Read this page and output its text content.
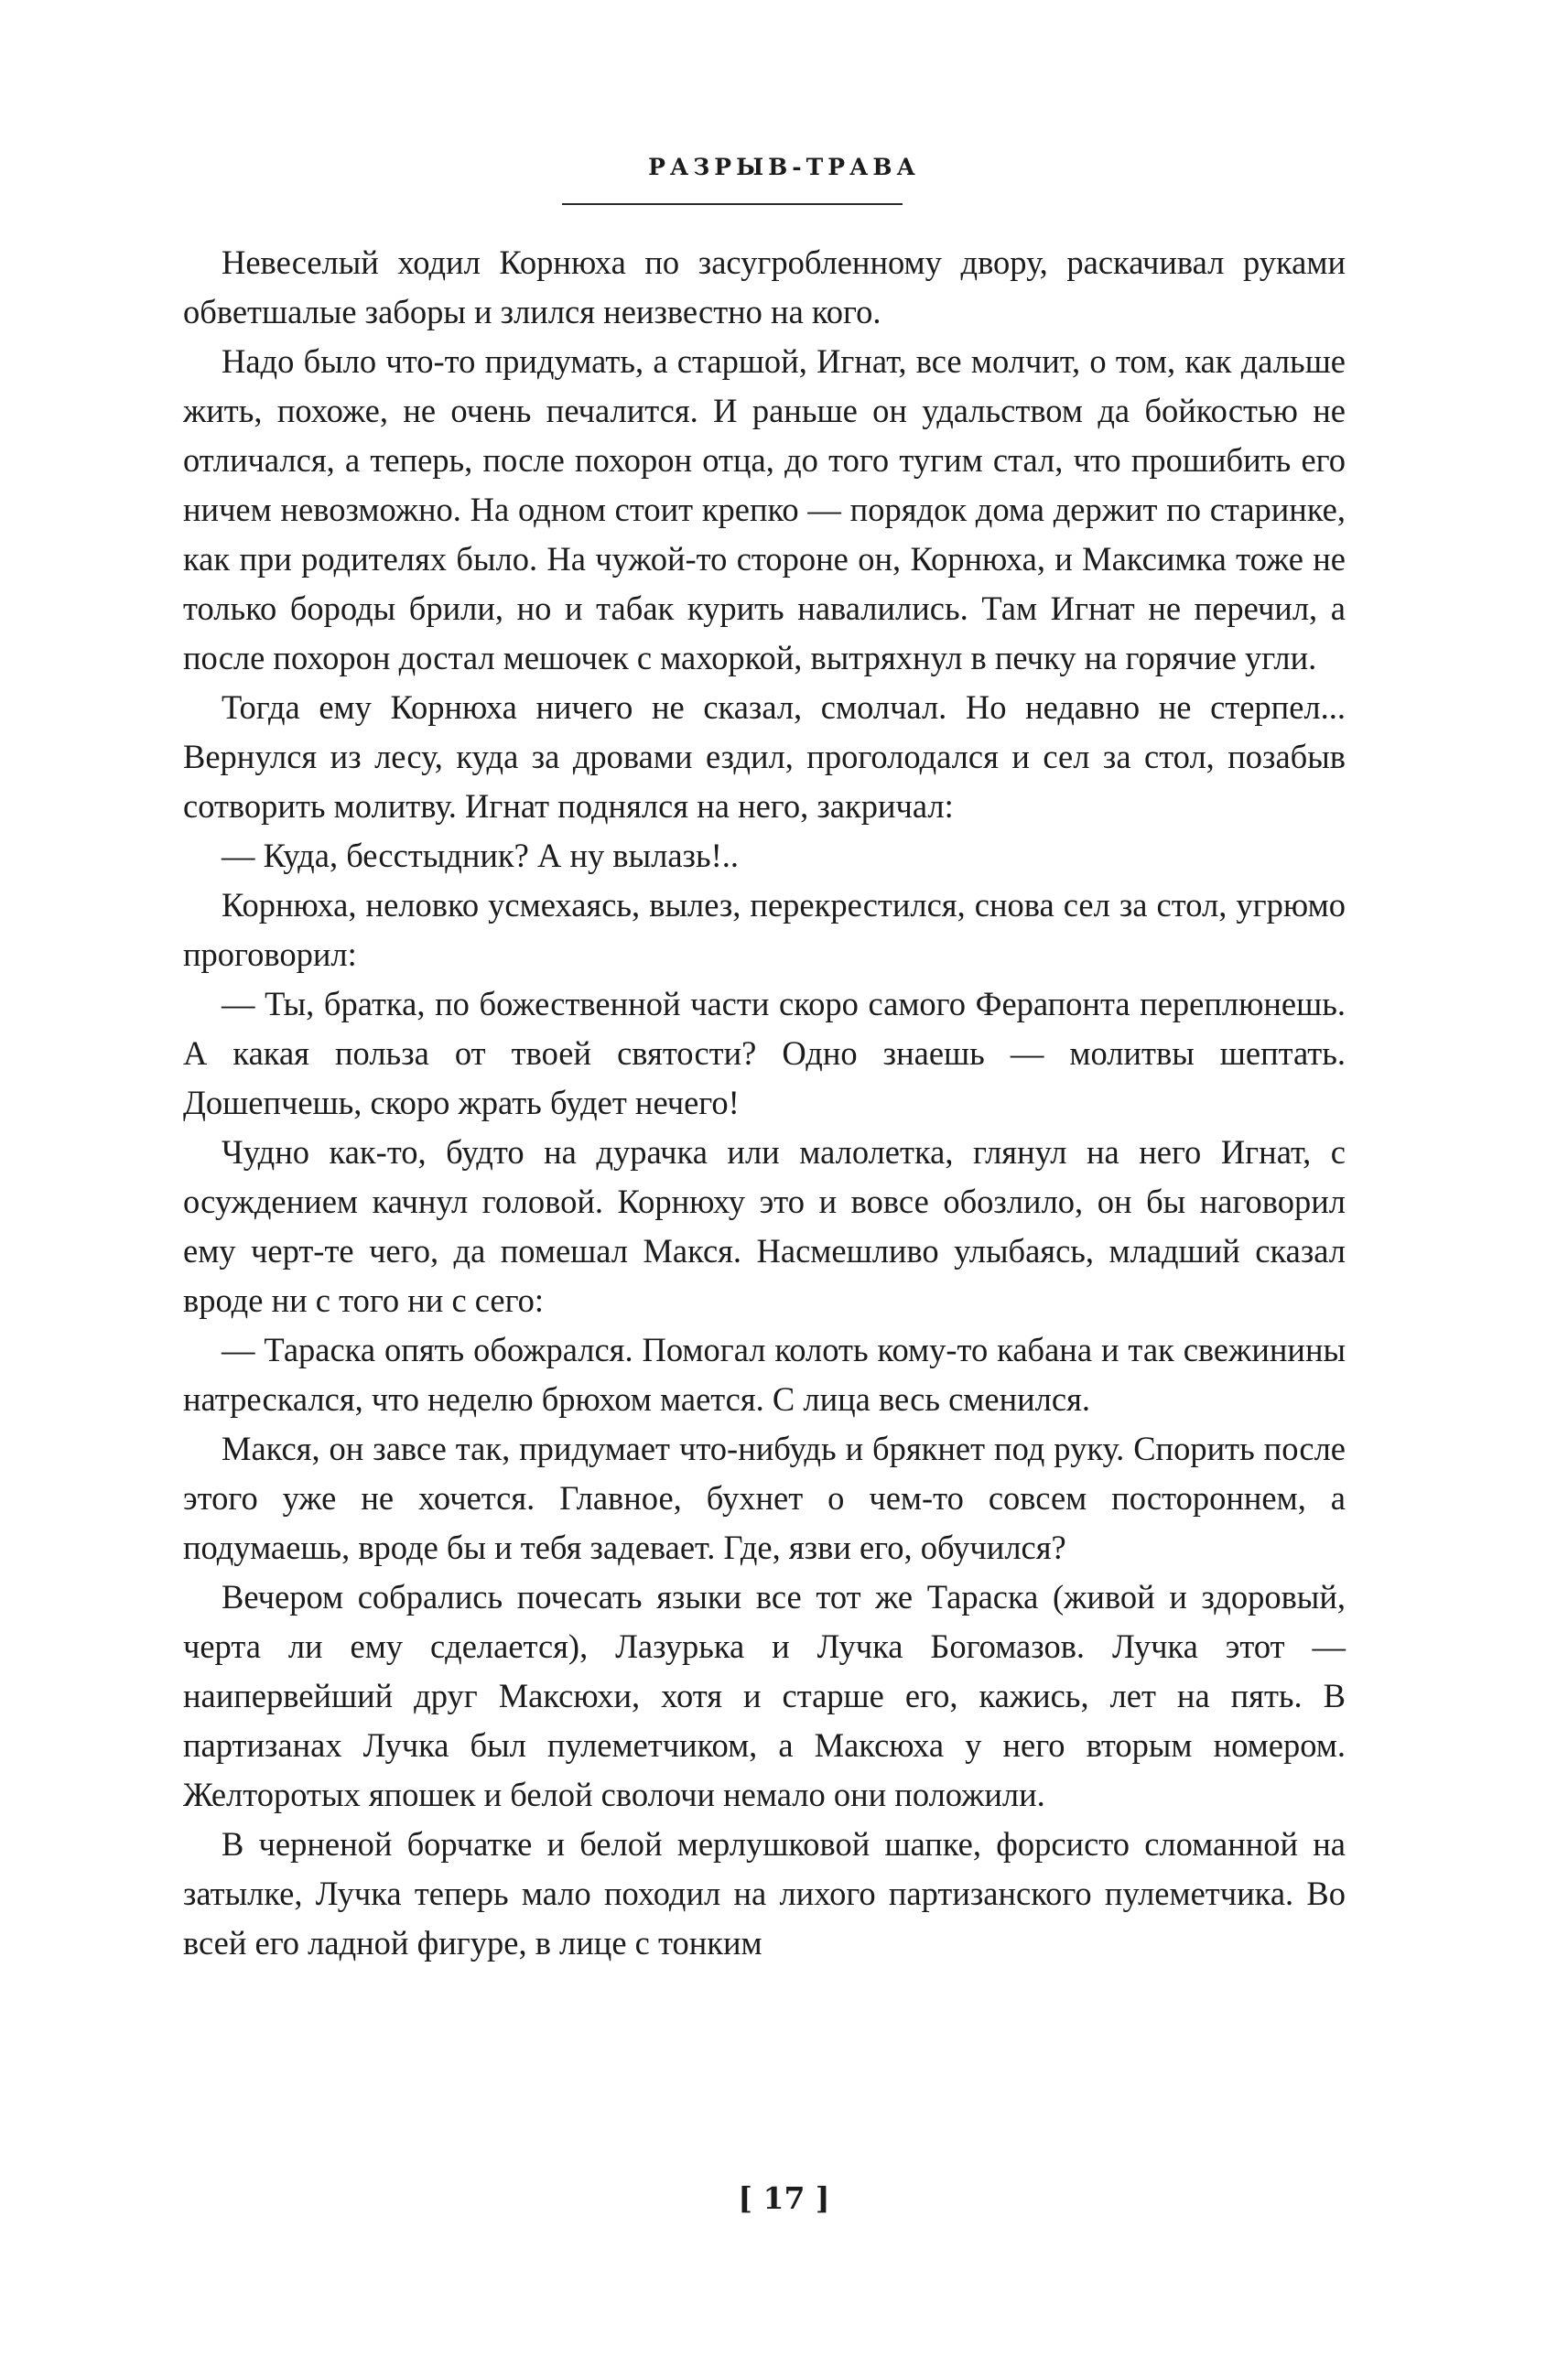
РАЗРЫВ-ТРАВА

Невеселый ходил Корнюха по засугробленному двору, раскачивал руками обветшалые заборы и злился неизвестно на кого.

Надо было что-то придумать, а старшой, Игнат, все молчит, о том, как дальше жить, похоже, не очень печалится. И раньше он удальством да бойкостью не отличался, а теперь, после похорон отца, до того тугим стал, что прошибить его ничем невозможно. На одном стоит крепко — порядок дома держит по старинке, как при родителях было. На чужой-то стороне он, Корнюха, и Максимка тоже не только бороды брили, но и табак курить навалились. Там Игнат не перечил, а после похорон достал мешочек с махоркой, вытряхнул в печку на горячие угли.

Тогда ему Корнюха ничего не сказал, смолчал. Но недавно не стерпел... Вернулся из лесу, куда за дровами ездил, проголодался и сел за стол, позабыв сотворить молитву. Игнат поднялся на него, закричал:

— Куда, бесстыдник? А ну вылазь!..

Корнюха, неловко усмехаясь, вылез, перекрестился, снова сел за стол, угрюмо проговорил:

— Ты, братка, по божественной части скоро самого Ферапонта переплюнешь. А какая польза от твоей святости? Одно знаешь — молитвы шептать. Дошепчешь, скоро жрать будет нечего!

Чудно как-то, будто на дурачка или малолетка, глянул на него Игнат, с осуждением качнул головой. Корнюху это и вовсе обозлило, он бы наговорил ему черт-те чего, да помешал Макся. Насмешливо улыбаясь, младший сказал вроде ни с того ни с сего:

— Тараска опять обожрался. Помогал колоть кому-то кабана и так свежинины натрескался, что неделю брюхом мается. С лица весь сменился.

Макся, он завсе так, придумает что-нибудь и брякнет под руку. Спорить после этого уже не хочется. Главное, бухнет о чем-то совсем постороннем, а подумаешь, вроде бы и тебя задевает. Где, язви его, обучился?

Вечером собрались почесать языки все тот же Тараска (живой и здоровый, черта ли ему сделается), Лазурька и Лучка Богомазов. Лучка этот — наипервейший друг Максюхи, хотя и старше его, кажись, лет на пять. В партизанах Лучка был пулеметчиком, а Максюха у него вторым номером. Желторотых япошек и белой сволочи немало они положили.

В черненой борчатке и белой мерлушковой шапке, форсисто сломанной на затылке, Лучка теперь мало походил на лихого партизанского пулеметчика. Во всей его ладной фигуре, в лице с тонким

[ 17 ]
